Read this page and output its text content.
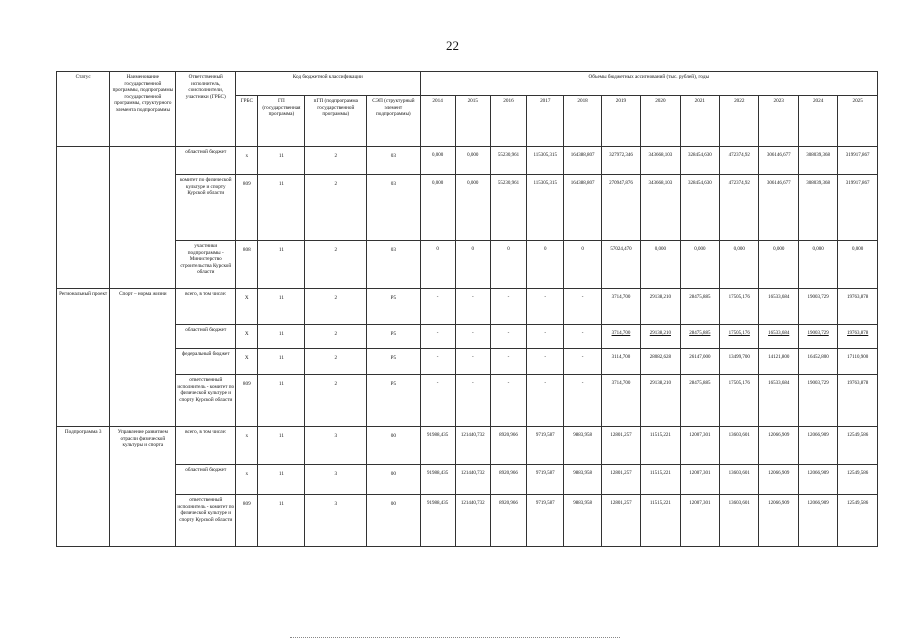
22
Статус	Наименование государственной программы, подпрограммы государственной программы, структурного элемента подпрограммы	Ответственный исполнитель, соисполнители, участники (ГРБС)	Код бюджетной классификации				Объемы бюджетных ассигнований (тыс. рублей), годы											
			ГРБС	ГП (государственная программа)	пГП (подпрограмма государственной программы)	СЭП (структурный элемент подпрограммы)	2014	2015	2016	2017	2018	2019	2020	2021	2022	2023	2024	2025
		областной бюджет	х	11	2	03	0,000	0,000	55230,961	115305,315	164388,807	327972,346	343668,103	328454,630	472374,92	306146,677	308039,368	319917,867
		комитет по физической культуре и спорту Курской области	809	11	2	03	0,000	0,000	55230,961	115305,315	164388,807	270947,876	343668,103	328454,630	472374,92	306146,677	308039,368	319917,867
		участники подпрограммы - Министерство строительства Курской области	808	11	2	03	0	0	0	0	0	57024,470	0,000	0,000	0,000	0,000	0,000	0,000
Региональный проект	Спорт – норма жизни	всего, в том числе:	Х	11	2	Р5	-	-	-	-	-	3714,700	29138,210	28475,885	17505,176	16533,684	19003,729	19763,878
		областной бюджет	Х	11	2	Р5	-	-	-	-	-	3714,700	29138,210	28475,885	17505,176	16533,684	19003,729	19763,878
		федеральный бюджет	Х	11	2	Р5	-	-	-	-	-	3114,700	28082,628	26147,000	13499,700	14121,800	16452,800	17110,900
		ответственный исполнитель - комитет по физической культуре и спорту Курской области	809	11	2	Р5	-	-	-	-	-	3714,700	29138,210	28475,885	17505,176	16533,684	19003,729	19763,878
Подпрограмма 3	Управление развитием отрасли физической культуры и спорта	всего, в том числе:	х	11	3	00	91988,435	121440,732	8920,966	9719,587	9883,958	12801,257	11515,221	12007,301	13603,601	12066,909	12066,909	12549,586
		областной бюджет	х	11	3	00	91988,435	121440,732	8920,966	9719,587	9883,958	12801,257	11515,221	12007,301	13603,601	12066,909	12066,909	12549,586
		ответственный исполнитель - комитет по физической культуре и спорту Курской области	809	11	3	00	91988,435	121440,732	8920,966	9719,587	9883,958	12801,257	11515,221	12007,301	13603,601	12066,909	12066,909	12549,586
